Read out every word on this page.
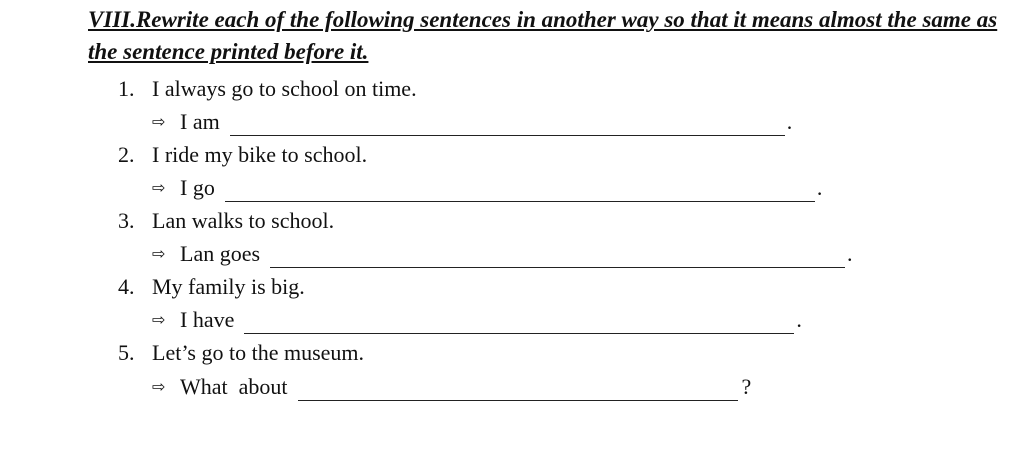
VIII.Rewrite each of the following sentences in another way so that it means almost the same as the sentence printed before it.
1. I always go to school on time.
⇨ I am	.
2. I ride my bike to school.
⇨ I go	.
3. Lan walks to school.
⇨ Lan goes	.
4. My family is big.
⇨ I have	.
5. Let’s go to the museum.
⇨ What  about	?
